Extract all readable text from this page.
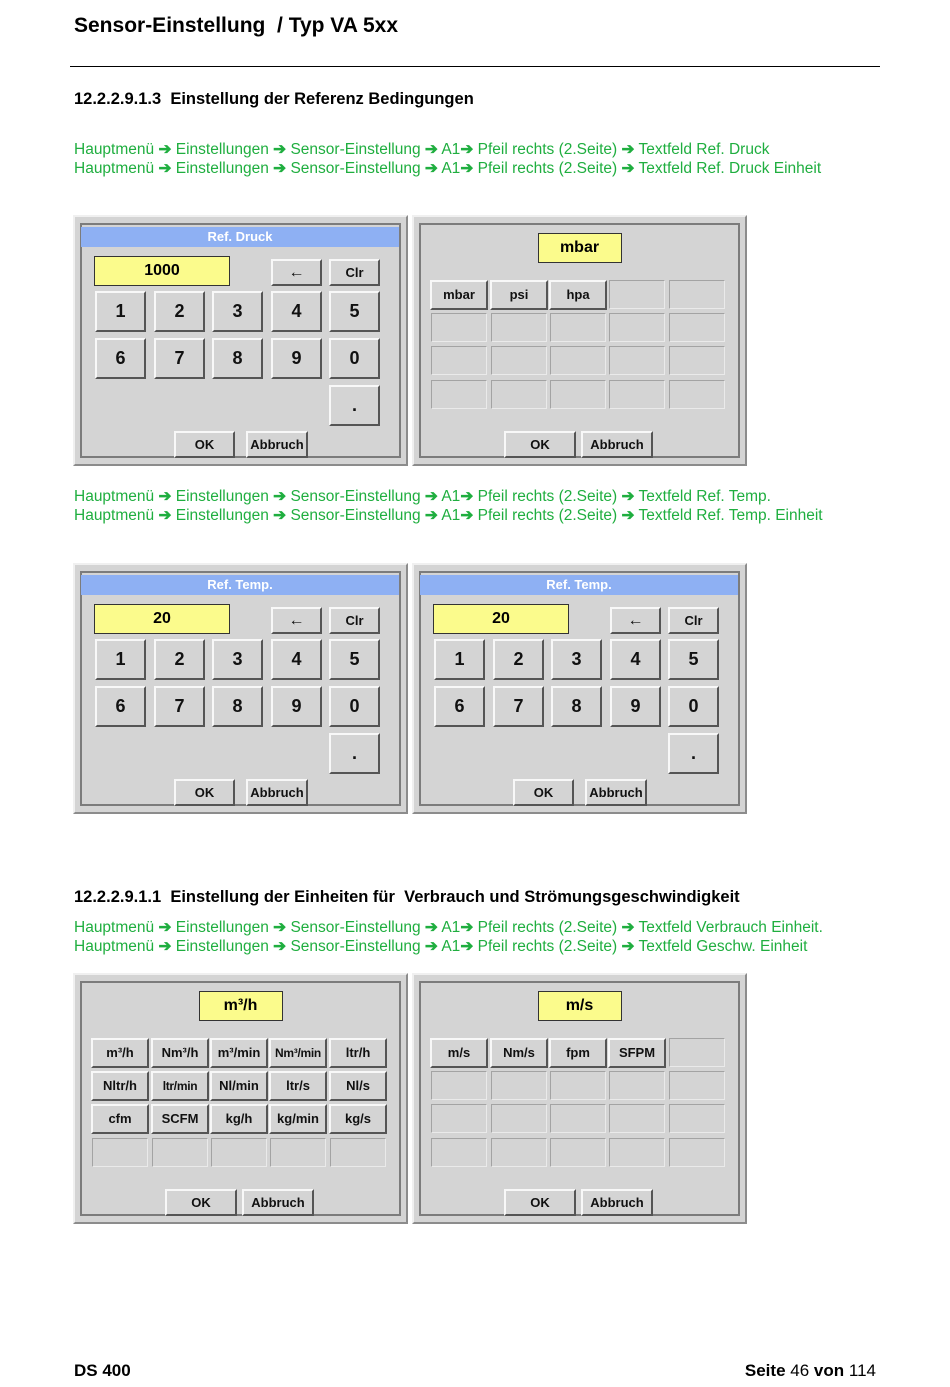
Sensor-Einstellung  / Typ VA 5xx
12.2.2.9.1.3  Einstellung der Referenz Bedingungen
Hauptmenü ➔ Einstellungen ➔ Sensor-Einstellung ➔ A1➔ Pfeil rechts (2.Seite) ➔ Textfeld Ref. Druck
Hauptmenü ➔ Einstellungen ➔ Sensor-Einstellung ➔ A1➔ Pfeil rechts (2.Seite) ➔ Textfeld Ref. Druck Einheit
Ref. Druck
1000	←	Clr
1	2	3	4	5
6	7	8	9	0
.
OK	Abbruch
mbar
mbar	psi	hpa
OK	Abbruch
Hauptmenü ➔ Einstellungen ➔ Sensor-Einstellung ➔ A1➔ Pfeil rechts (2.Seite) ➔ Textfeld Ref. Temp.
Hauptmenü ➔ Einstellungen ➔ Sensor-Einstellung ➔ A1➔ Pfeil rechts (2.Seite) ➔ Textfeld Ref. Temp. Einheit
Ref. Temp.
20	←	Clr
1	2	3	4	5
6	7	8	9	0
.
OK	Abbruch
Ref. Temp.
20	←	Clr
1	2	3	4	5
6	7	8	9	0
.
OK	Abbruch
12.2.2.9.1.1  Einstellung der Einheiten für  Verbrauch und Strömungsgeschwindigkeit
Hauptmenü ➔ Einstellungen ➔ Sensor-Einstellung ➔ A1➔ Pfeil rechts (2.Seite) ➔ Textfeld Verbrauch Einheit.
Hauptmenü ➔ Einstellungen ➔ Sensor-Einstellung ➔ A1➔ Pfeil rechts (2.Seite) ➔ Textfeld Geschw. Einheit
m³/h
m³/h	Nm³/h	m³/min	Nm³/min	ltr/h
Nltr/h	ltr/min	Nl/min	ltr/s	Nl/s
cfm	SCFM	kg/h	kg/min	kg/s
OK	Abbruch
m/s
m/s	Nm/s	fpm	SFPM
OK	Abbruch
DS 400	Seite 46 von 114
